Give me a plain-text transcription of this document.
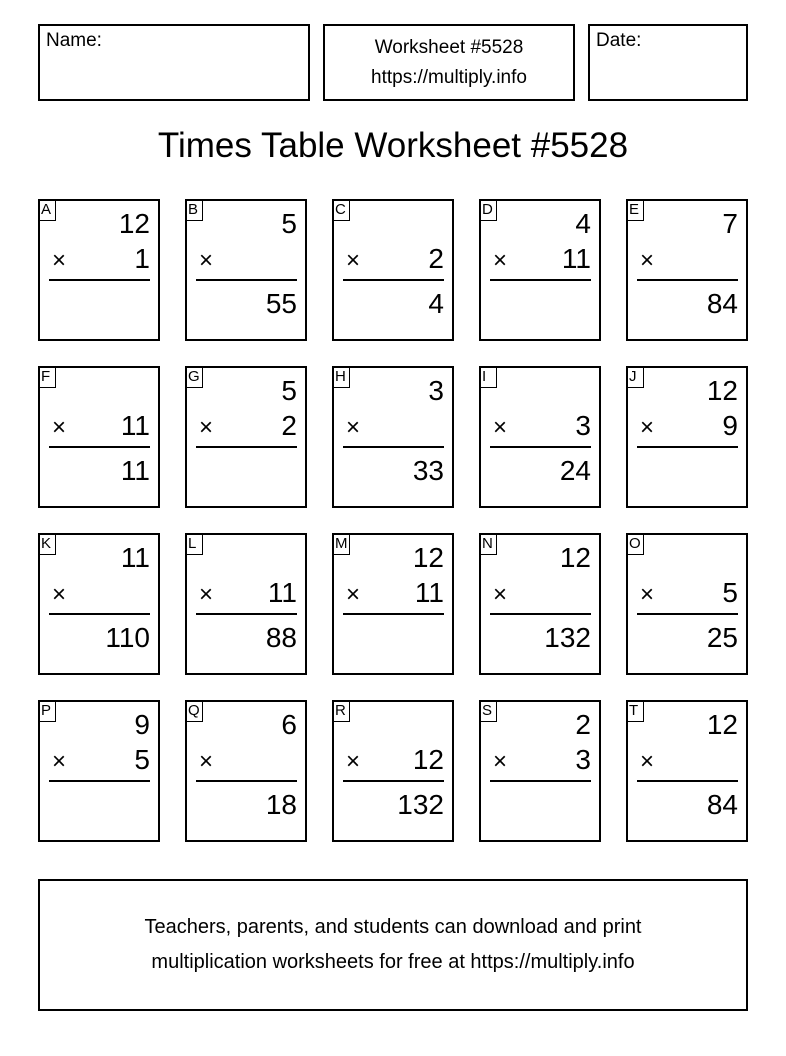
Name:	Worksheet #5528
https://multiply.info
Date:
Times Table Worksheet #5528
A 12
× 1
B	5
×
55
C
× 2
4
D	4
× 11
E	7
×
84
F
× 11
11
G	5
× 2
H	3
×
33
I
× 3
24
J	12
× 9
K 11
×
110
L
× 11
88
M 12
× 11
N 12
×
132
O
× 5
25
P	9
× 5
Q	6
×
18
R
× 12
132
S	2
× 3
T 12
×
84
Teachers, parents, and students can download and print
multiplication worksheets for free at https://multiply.info
